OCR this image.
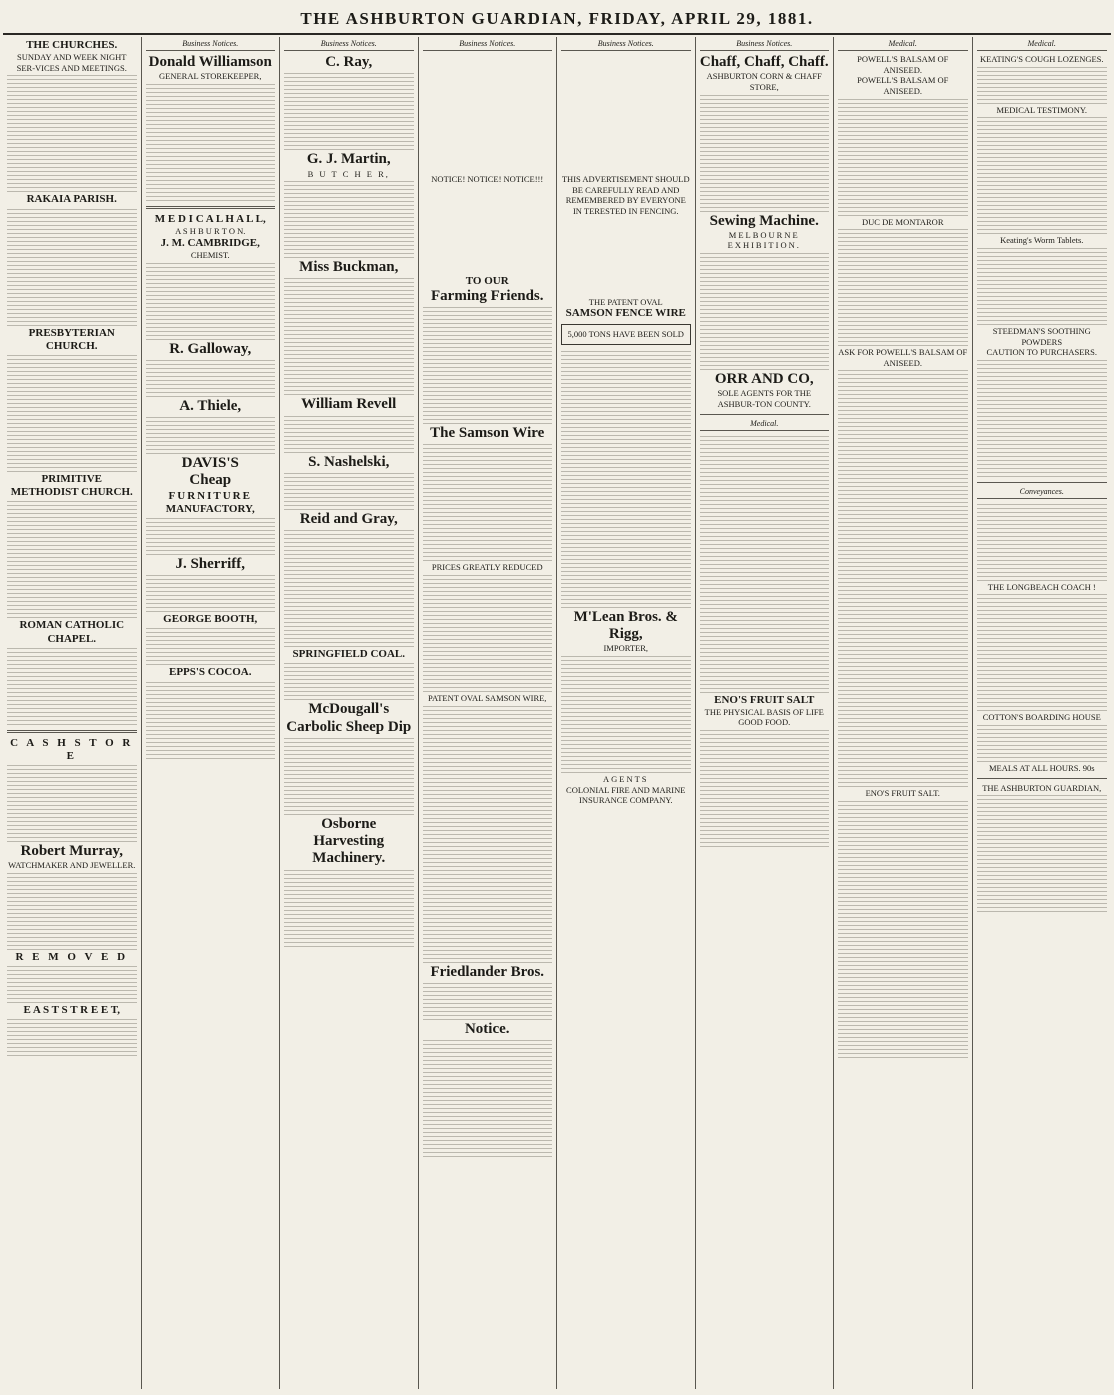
THE ASHBURTON GUARDIAN, FRIDAY, APRIL 29, 1881.
THE CHURCHES.
SUNDAY AND WEEK NIGHT SER-VICES AND MEETINGS.
RAKAIA PARISH.
PRESBYTERIAN CHURCH.
PRIMITIVE METHODIST CHURCH.
ROMAN CATHOLIC CHAPEL.
C A S H S T O R E
Robert Murray,
WATCHMAKER AND JEWELLER.
R E M O V E D
E A S T S T R E E T,
Business Notices.
Donald Williamson
GENERAL STOREKEEPER,
M E D I C A L H A L L,
A S H B U R T O N.
J. M. CAMBRIDGE,
CHEMIST.
R. Galloway,
A. Thiele,
DAVIS'S
Cheap
FURNITURE
MANUFACTORY,
J. Sherriff,
GEORGE BOOTH,
EPPS'S COCOA.
Business Notices.
C. Ray,
G. J. Martin,
B U T C H E R,
Miss Buckman,
William Revell
S. Nashelski,
Reid and Gray,
SPRINGFIELD COAL.
McDougall's
Carbolic Sheep Dip
Osborne Harvesting
Machinery.
Business Notices.
NOTICE! NOTICE! NOTICE!!!
TO OUR
Farming Friends.
The Samson Wire
PRICES GREATLY REDUCED
PATENT OVAL SAMSON WIRE,
Friedlander Bros.
Notice.
Business Notices.
THIS ADVERTISEMENT SHOULD BE CAREFULLY READ AND REMEMBERED BY EVERYONE IN TERESTED IN FENCING.
THE PATENT OVAL
SAMSON FENCE WIRE
5,000 TONS HAVE BEEN SOLD
M'Lean Bros. & Rigg,
IMPORTER,
AGENTS
COLONIAL FIRE AND MARINE
INSURANCE COMPANY.
Business Notices.
Chaff, Chaff, Chaff.
ASHBURTON CORN & CHAFF STORE,
Sewing Machine.
MELBOURNE EXHIBITION.
ORR AND CO,
SOLE AGENTS FOR THE ASHBUR-TON COUNTY.
Medical.
ENO'S FRUIT SALT
THE PHYSICAL BASIS OF LIFE
GOOD FOOD.
Medical.
POWELL'S BALSAM OF ANISEED.
POWELL'S BALSAM OF ANISEED.
DUC DE MONTAROR
ASK FOR POWELL'S BALSAM OF ANISEED.
ENO'S FRUIT SALT.
Medical.
KEATING'S COUGH LOZENGES.
MEDICAL TESTIMONY.
Keating's Worm Tablets.
STEEDMAN'S SOOTHING POWDERS
CAUTION TO PURCHASERS.
Conveyances.
THE LONGBEACH COACH !
COTTON'S BOARDING HOUSE
MEALS AT ALL HOURS. 90s
THE ASHBURTON GUARDIAN,
